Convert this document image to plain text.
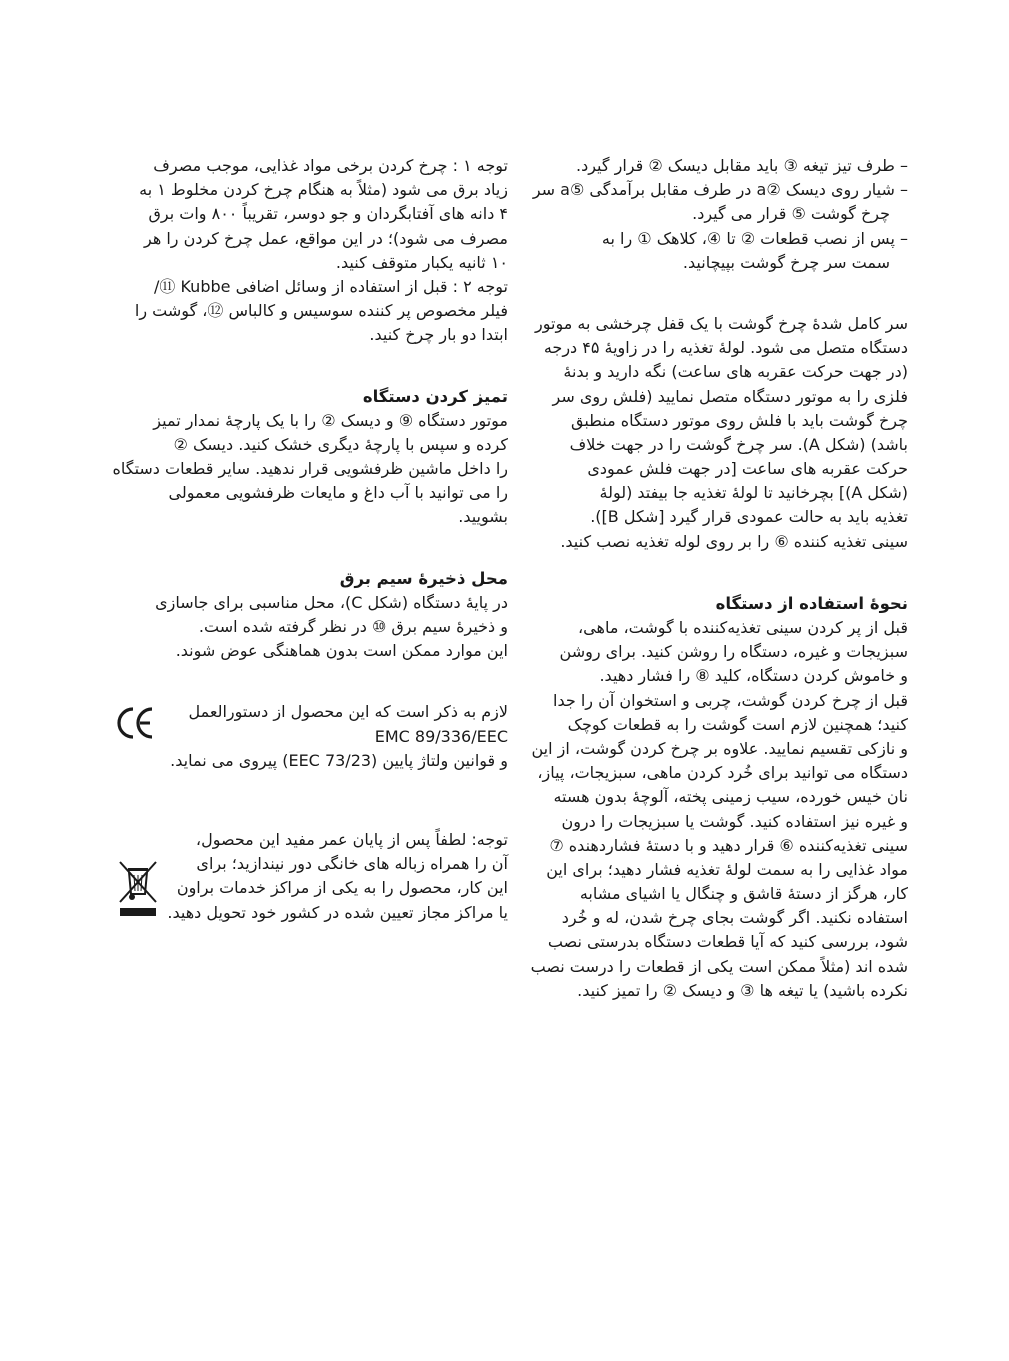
– طرف تیز تیغه ③ باید مقابل دیسک ② قرار گیرد.
– شیار روی دیسک ②a در طرف مقابل برآمدگی ⑤a سر
چرخ گوشت ⑤ قرار می گیرد.
– پس از نصب قطعات ② تا ④، کلاهک ① را به
سمت سر چرخ گوشت بپیچانید.
سر کامل شدهٔ چرخ گوشت با یک قفل چرخشی به موتور
دستگاه متصل می شود. لولهٔ تغذیه را در زاویهٔ ۴۵ درجه
(در جهت حرکت عقربه های ساعت) نگه دارید و بدنهٔ
فلزی را به موتور دستگاه متصل نمایید (فلش روی سر
چرخ گوشت باید با فلش روی موتور دستگاه منطبق
باشد) (شکل A). سر چرخ گوشت را در جهت خلاف
حرکت عقربه های ساعت [در جهت فلش عمودی
(شکل A)] بچرخانید تا لولهٔ تغذیه جا بیفتد (لولهٔ
تغذیه باید به حالت عمودی قرار گیرد [شکل B]).
سینی تغذیه کننده ⑥ را بر روی لوله تغذیه نصب کنید.
نحوهٔ استفاده از دستگاه
قبل از پر کردن سینی تغذیه‌کننده با گوشت، ماهی،
سبزیجات و غیره، دستگاه را روشن کنید. برای روشن
و خاموش کردن دستگاه، کلید ⑧ را فشار دهید.
قبل از چرخ کردن گوشت، چربی و استخوان آن را جدا
کنید؛ همچنین لازم است گوشت را به قطعات کوچک
و نازکی تقسیم نمایید. علاوه بر چرخ کردن گوشت، از این
دستگاه می توانید برای خُرد کردن ماهی، سبزیجات، پیاز،
نان خیس خورده، سیب زمینی پخته، آلوچهٔ بدون هسته
و غیره نیز استفاده کنید. گوشت یا سبزیجات را درون
سینی تغذیه‌کننده ⑥ قرار دهید و با دستهٔ فشاردهنده ⑦
مواد غذایی را به سمت لولهٔ تغذیه فشار دهید؛ برای این
کار، هرگز از دستهٔ قاشق و چنگال یا اشیای مشابه
استفاده نکنید. اگر گوشت بجای چرخ شدن، له و خُرد
شود، بررسی کنید که آیا قطعات دستگاه بدرستی نصب
شده اند (مثلاً ممکن است یکی از قطعات را درست نصب
نکرده باشید) یا تیغه ها ③ و دیسک ② را تمیز کنید.
توجه ۱ : چرخ کردن برخی مواد غذایی، موجب مصرف
زیاد برق می شود (مثلاً به هنگام چرخ کردن مخلوط ۱ به
۴ دانه های آفتابگردان و جو دوسر، تقریباً ۸۰۰ وات برق
مصرف می شود)؛ در این مواقع، عمل چرخ کردن را هر
۱۰ ثانیه یکبار متوقف کنید.
توجه ۲ : قبل از استفاده از وسائل اضافی Kubbe ⑪/
فیلر مخصوص پر کننده سوسیس و کالباس ⑫، گوشت را
ابتدا دو بار چرخ کنید.
تمیز کردن دستگاه
موتور دستگاه ⑨ و دیسک ② را با یک پارچهٔ نمدار تمیز
کرده و سپس با پارچهٔ دیگری خشک کنید. دیسک ②
را داخل ماشین ظرفشویی قرار ندهید. سایر قطعات دستگاه
را می توانید با آب داغ و مایعات ظرفشویی معمولی
بشویید.
محل ذخیرهٔ سیم برق
در پایهٔ دستگاه (شکل C)، محل مناسبی برای جاسازی
و ذخیرهٔ سیم برق ⑩ در نظر گرفته شده است.
این موارد ممکن است بدون هماهنگی عوض شوند.
لازم به ذکر است که این محصول از دستورالعمل
EMC 89/336/EEC
و قوانین ولتاژ پایین (73/23 EEC) پیروی می نماید.
توجه: لطفاً پس از پایان عمر مفید این محصول،
آن را همراه زباله های خانگی دور نیندازید؛ برای
این کار، محصول را به یکی از مراکز خدمات براون
یا مراکز مجاز تعیین شده در کشور خود تحویل دهید.
